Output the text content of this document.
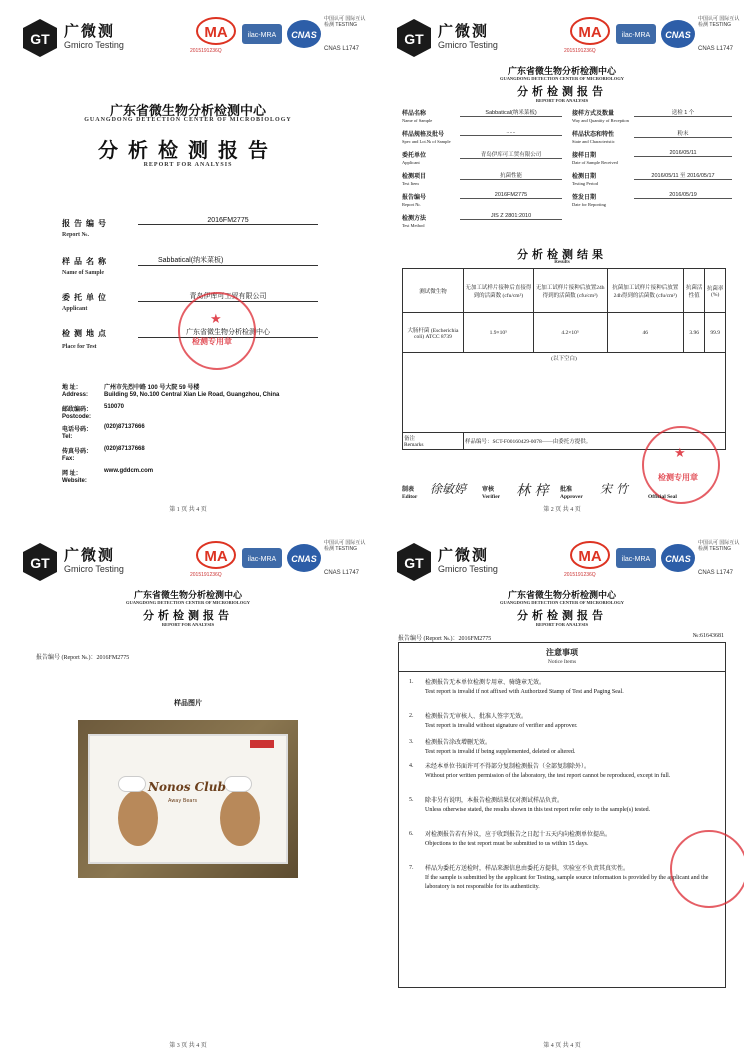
GT 广微测
Gmicro Testing
MA
2015191236Q
ilac-MRA CNAS
中国认可 国际互认 检测 TESTING
CNAS L1747
广东省微生物分析检测中心
GUANGDONG DETECTION CENTER OF MICROBIOLOGY
分析检测报告
REPORT FOR ANALYSIS
报告编号
Report №.
2016FM2775
样品名称
Name of Sample
Sabbatical(纳米菜板)
委托单位
Applicant
青岛伊库可工贸有限公司
检测地点
Place for Test
广东省微生物分析检测中心
★
检测专用章
第 1 页 共 4 页
地 址：	广州市先烈中路 100 号大院 59 号楼
Address:	Building 59, No.100 Central Xian Lie Road, Guangzhou, China
邮政编码： 510070
Postcode:
电话号码： (020)87137666
Tel:
传真号码： (020)87137668
Fax:
网 址：	www.gddcm.com
Website:
GT 广微测
Gmicro Testing
MA
2015191236Q
ilac-MRA CNAS
中国认可 国际互认 检测 TESTING
CNAS L1747
广东省微生物分析检测中心
GUANGDONG DETECTION CENTER OF MICROBIOLOGY
分析检测报告
REPORT FOR ANALYSIS
样品名称
Name of Sample
Sabbatical(纳米菜板)
样品规格及批号
Spec and Lot.№ of Sample
......
委托单位
Applicant
青岛伊库可工贸有限公司
检测项目
Test Item
抗菌性能
报告编号
Report №.
2016FM2775
检测方法
Test Method
JIS Z 2801:2010
接样方式及数量
Way and Quantity of Reception
送检 1 个
样品状态和特性
State and Characteristic
粉末
接样日期
Date of Sample Received
2016/05/11
检测日期
Testing Period
2016/05/11 至 2016/05/17
签发日期
Date for Reporting
2016/05/19
分析检测结果
Results
测试微生物	无加工试样片接种后直接得到的活菌数 (cfu/cm²)	无加工试样片接种后放置24h得到的活菌数 (cfu/cm²)	抗菌加工试样片接种后放置24h得到的活菌数 (cfu/cm²)	抗菌活性值	抗菌率 (%)
大肠杆菌 (Escherichia coli) ATCC 8739	1.9×10⁵	4.2×10⁵	46	3.96	99.9
(以下空白)					
备注
Remarks	样品编号：SCT-F00160429-0078——由委托方提供。				
徐敏婷	林 梓	宋 竹
★
检测专用章
第 2 页 共 4 页
制表
Editor
审核
Verifier
批准
Approver	Official Seal
GT 广微测
Gmicro Testing
MA
2015191236Q
ilac-MRA CNAS
中国认可 国际互认 检测 TESTING
CNAS L1747
广东省微生物分析检测中心
GUANGDONG DETECTION CENTER OF MICROBIOLOGY
分析检测报告
REPORT FOR ANALYSIS
报告编号 (Report №.)：2016FM2775
样品图片
Nonos Club
Away Bears
第 3 页 共 4 页
GT 广微测
Gmicro Testing
MA
2015191236Q
ilac-MRA CNAS
中国认可 国际互认 检测 TESTING
CNAS L1747
广东省微生物分析检测中心
GUANGDONG DETECTION CENTER OF MICROBIOLOGY
分析检测报告
REPORT FOR ANALYSIS
报告编号 (Report №.)：2016FM2775	№:61643681
注意事项
Notice Items
1. 检测报告无本单位检测专用章、骑缝章无效。
Test report is invalid if not affixed with Authorized Stamp of Test and Paging Seal.
2. 检测报告无审核人、批准人签字无效。
Test report is invalid without signature of verifier and approver.
3. 检测报告涂改增删无效。
Test report is invalid if being supplemented, deleted or altered.
4. 未经本单位书面许可不得部分复制检测报告（全部复制除外）。
Without prior written permission of the laboratory, the test report cannot be reproduced, except in full.
5. 除非另有说明，本报告检测结果仅对测试样品负责。
Unless otherwise stated, the results shown in this test report refer only to the sample(s) tested.
6. 对检测报告若有异议，应于收到报告之日起十五天内向检测单位提出。
Objections to the test report must be submitted to us within 15 days.
7. 样品为委托方送检时，样品来源信息由委托方提供，实验室不负责其真实性。
If the sample is submitted by the applicant for Testing, sample source information is provided by the applicant and the laboratory is not responsible for its authenticity.
第 4 页 共 4 页
